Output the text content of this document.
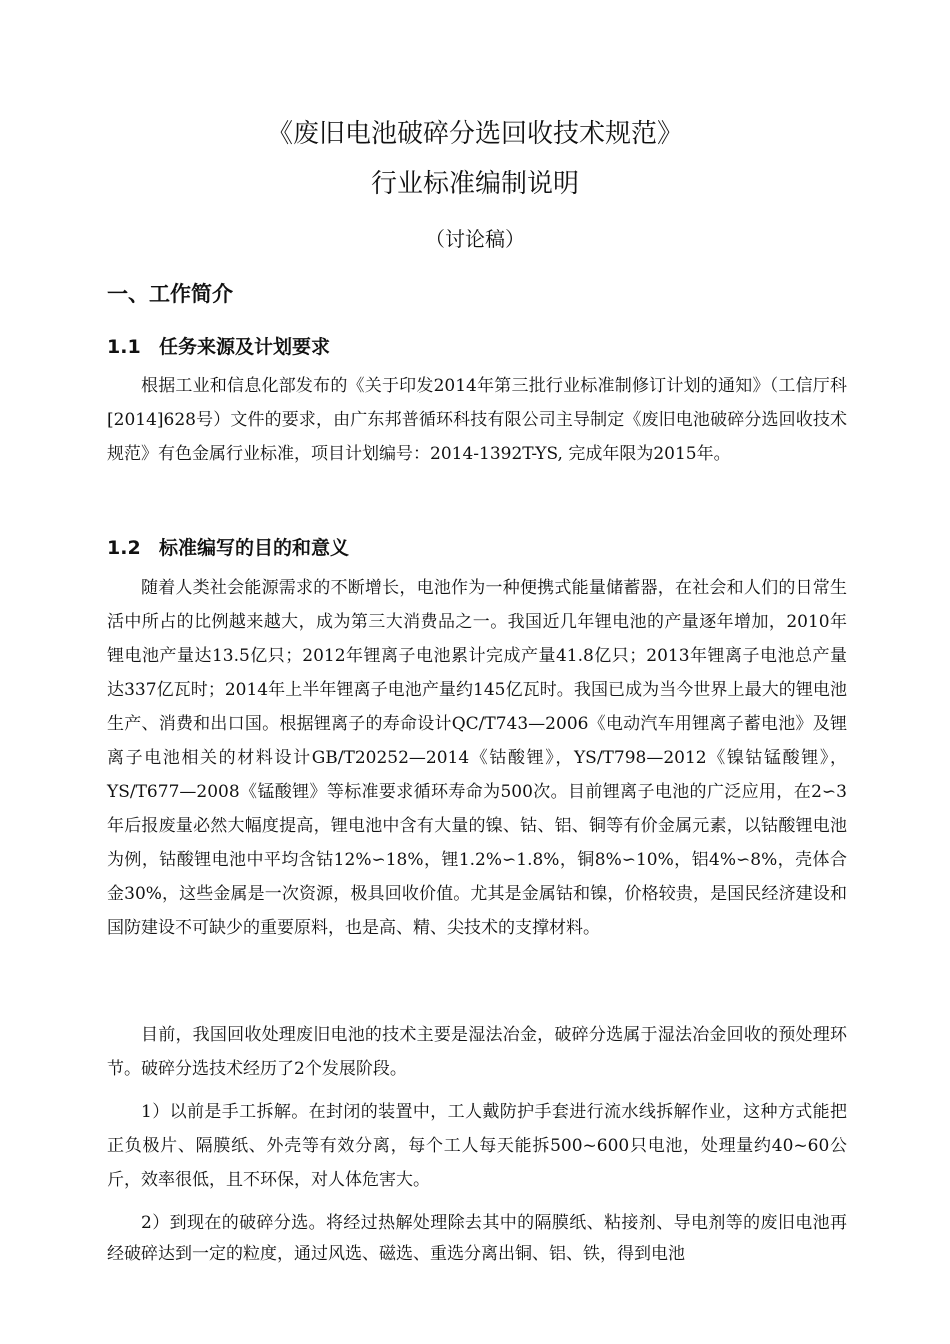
《废旧电池破碎分选回收技术规范》
行业标准编制说明
（讨论稿）
一、工作简介
1.1 任务来源及计划要求

根据工业和信息化部发布的《关于印发2014年第三批行业标准制修订计划的通知》（工信厅科[2014]628号）文件的要求，由广东邦普循环科技有限公司主导制定《废旧电池破碎分选回收技术规范》有色金属行业标准，项目计划编号：2014-1392T-YS, 完成年限为2015年。

1.2 标准编写的目的和意义

随着人类社会能源需求的不断增长，电池作为一种便携式能量储蓄器，在社会和人们的日常生活中所占的比例越来越大，成为第三大消费品之一。我国近几年锂电池的产量逐年增加，2010年锂电池产量达13.5亿只；2012年锂离子电池累计完成产量41.8亿只；2013年锂离子电池总产量达337亿瓦时；2014年上半年锂离子电池产量约145亿瓦时。我国已成为当今世界上最大的锂电池生产、消费和出口国。根据锂离子的寿命设计QC/T743—2006《电动汽车用锂离子蓄电池》及锂离子电池相关的材料设计GB/T20252—2014《钴酸锂》，YS/T798—2012《镍钴锰酸锂》，YS/T677—2008《锰酸锂》等标准要求循环寿命为500次。目前锂离子电池的广泛应用，在2∽3年后报废量必然大幅度提高，锂电池中含有大量的镍、钴、铝、铜等有价金属元素，以钴酸锂电池为例，钴酸锂电池中平均含钴12%∽18%，锂1.2%∽1.8%，铜8%∽10%，铝4%∽8%，壳体合金30%，这些金属是一次资源，极具回收价值。尤其是金属钴和镍，价格较贵，是国民经济建设和国防建设不可缺少的重要原料，也是高、精、尖技术的支撑材料。

目前，我国回收处理废旧电池的技术主要是湿法冶金，破碎分选属于湿法冶金回收的预处理环节。破碎分选技术经历了2个发展阶段。

1）以前是手工拆解。在封闭的装置中，工人戴防护手套进行流水线拆解作业，这种方式能把正负极片、隔膜纸、外壳等有效分离，每个工人每天能拆500~600只电池，处理量约40~60公斤，效率很低，且不环保，对人体危害大。

2）到现在的破碎分选。将经过热解处理除去其中的隔膜纸、粘接剂、导电剂等的废旧电池再经破碎达到一定的粒度，通过风选、磁选、重选分离出铜、铝、铁，得到电池
